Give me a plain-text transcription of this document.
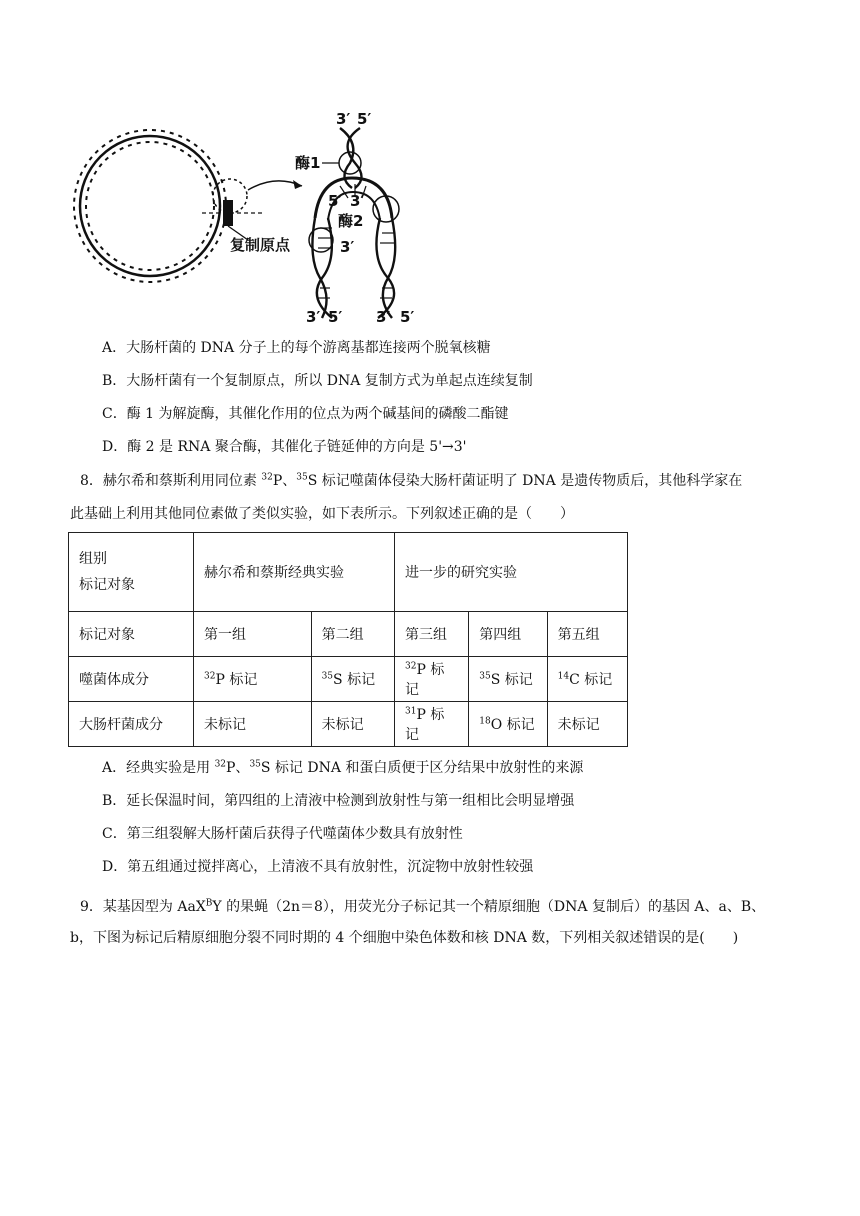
复制原点
酶1
酶2
3′ 5′
5′ 3′
3′
3′ 5′ 3′ 5′
A．大肠杆菌的 DNA 分子上的每个游离基都连接两个脱氧核糖
B．大肠杆菌有一个复制原点，所以 DNA 复制方式为单起点连续复制
C．酶 1 为解旋酶，其催化作用的位点为两个碱基间的磷酸二酯键
D．酶 2 是 RNA 聚合酶，其催化子链延伸的方向是 5'→3'
8．赫尔希和蔡斯利用同位素 $^{32}$P、$^{35}$S 标记噬菌体侵染大肠杆菌证明了 DNA 是遗传物质后，其他科学家在
此基础上利用其他同位素做了类似实验，如下表所示。下列叙述正确的是（　　）
组别
标记对象	赫尔希和蔡斯经典实验		进一步的研究实验		
标记对象	第一组	第二组	第三组	第四组	第五组
噬菌体成分	$^{32}$P 标记	$^{35}$S 标记	$^{32}$P 标记	$^{35}$S 标记	$^{14}$C 标记
大肠杆菌成分	未标记	未标记	$^{31}$P 标记	$^{18}$O 标记	未标记
A．经典实验是用 $^{32}$P、$^{35}$S 标记 DNA 和蛋白质便于区分结果中放射性的来源
B．延长保温时间，第四组的上清液中检测到放射性与第一组相比会明显增强
C．第三组裂解大肠杆菌后获得子代噬菌体少数具有放射性
D．第五组通过搅拌离心，上清液不具有放射性，沉淀物中放射性较强
9．某基因型为 AaX$^B$Y 的果蝇（2n＝8），用荧光分子标记其一个精原细胞（DNA 复制后）的基因 A、a、B、
b，下图为标记后精原细胞分裂不同时期的 4 个细胞中染色体数和核 DNA 数，下列相关叙述错误的是(　　)
